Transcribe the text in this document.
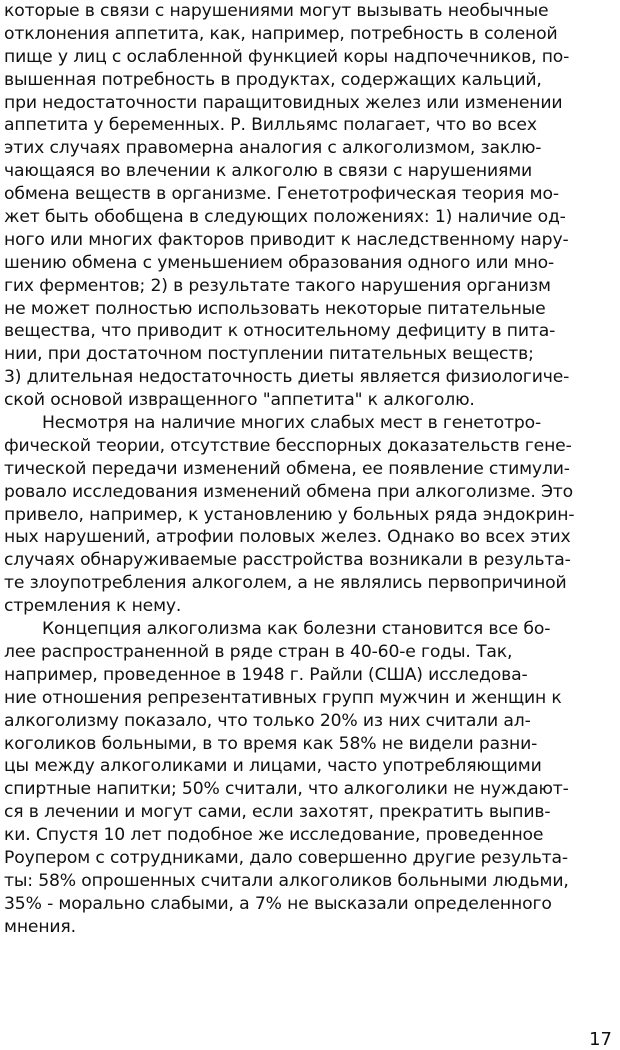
которые в связи с нарушениями могут вызывать необычные
отклонения аппетита, как, например, потребность в соленой
пище у лиц с ослабленной функцией коры надпочечников, по-
вышенная потребность в продуктах, содержащих кальций,
при недостаточности паращитовидных желез или изменении
аппетита у беременных. Р. Вилльямс полагает, что во всех
этих случаях правомерна аналогия с алкоголизмом, заклю-
чающаяся во влечении к алкоголю в связи с нарушениями
обмена веществ в организме. Генетотрофическая теория мо-
жет быть обобщена в следующих положениях: 1) наличие од-
ного или многих факторов приводит к наследственному нару-
шению обмена с уменьшением образования одного или мно-
гих ферментов; 2) в результате такого нарушения организм
не может полностью использовать некоторые питательные
вещества, что приводит к относительному дефициту в пита-
нии, при достаточном поступлении питательных веществ;
3) длительная недостаточность диеты является физиологиче-
ской основой извращенного "аппетита" к алкоголю.
Несмотря на наличие многих слабых мест в генетотро-
фической теории, отсутствие бесспорных доказательств гене-
тической передачи изменений обмена, ее появление стимули-
ровало исследования изменений обмена при алкоголизме. Это
привело, например, к установлению у больных ряда эндокрин-
ных нарушений, атрофии половых желез. Однако во всех этих
случаях обнаруживаемые расстройства возникали в результа-
те злоупотребления алкоголем, а не являлись первопричиной
стремления к нему.
Концепция алкоголизма как болезни становится все бо-
лее распространенной в ряде стран в 40-60-е годы. Так,
например, проведенное в 1948 г. Райли (США) исследова-
ние отношения репрезентативных групп мужчин и женщин к
алкоголизму показало, что только 20% из них считали ал-
коголиков больными, в то время как 58% не видели разни-
цы между алкоголиками и лицами, часто употребляющими
спиртные напитки; 50% считали, что алкоголики не нуждают-
ся в лечении и могут сами, если захотят, прекратить выпив-
ки. Спустя 10 лет подобное же исследование, проведенное
Роупером с сотрудниками, дало совершенно другие результа-
ты: 58% опрошенных считали алкоголиков больными людьми,
35% - морально слабыми, а 7% не высказали определенного
мнения.
17
